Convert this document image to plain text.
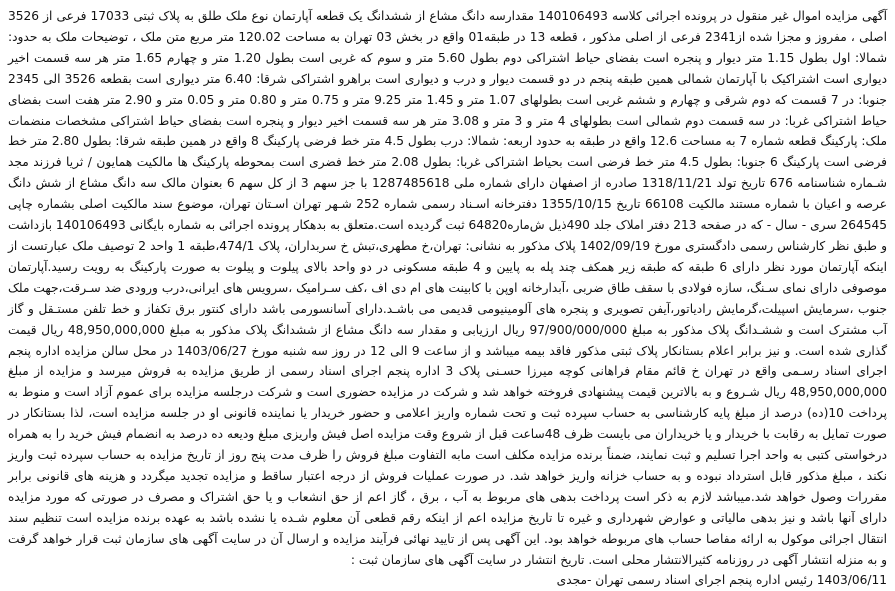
آگهی مزایده اموال غیر منقول در پرونده اجرائی کلاسه 140106493 مقدارسه دانگ مشاع از ششدانگ یک قطعه آپارتمان نوع ملک طلق به پلاک ثبتی 17033 فرعی از 3526 اصلی ، مفروز و مجزا شده از2341 فرعی از اصلی مذکور ، قطعه 13 در طبقه01 واقع در بخش 03 تهران به مساحت 120.02 متر مربع متن ملک ، توضیحات ملک به حدود: شمالا: اول بطول 1.15 متر دیوار و پنجره است بفضای حیاط اشتراکی دوم بطول 5.60 متر و سوم که غربی است بطول 1.20 متر و چهارم 1.65 متر هر سه قسمت اخیر دیواری است اشتراکیک با آپارتمان شمالی همین طبقه پنجم در دو قسمت دیوار و درب و دیواری است براهرو اشتراکی شرقا: 6.40 متر دیواری است بقطعه 3526 الی 2345 جنوبا: در 7 قسمت که دوم شرقی و چهارم و ششم غربی است بطولهای 1.07 متر و 1.45 متر 9.25 متر و 0.75 متر و 0.80 متر و 0.05 متر و 2.90 متر هفت است بفضای حیاط اشتراکی غربا: در سه قسمت دوم شمالی است بطولهای 4 متر و 3 متر و 3.08 متر هر سه قسمت اخیر دیوار و پنجره است بفضای حیاط اشتراکی مشخصات منضمات ملک: پارکینگ قطعه شماره 7 به مساحت 12.6 واقع در طبقه به حدود اربعه: شمالا: درب بطول 4.5 متر خط فرضی پارکینگ 8 واقع در همین طبقه شرقا: بطول 2.80 متر خط فرضی است پارکینگ 6 جنوبا: بطول 4.5 متر خط فرضی است بحیاط اشتراکی غربا: بطول 2.08 متر خط فضری است بمحوطه پارکینگ ها مالکیت همایون / ثریا فرزند مجد شـماره شناسنامه 676 تاریخ تولد 1318/11/21 صادره از اصفهان دارای شماره ملی 1287485618 با جز سهم 3 از کل سهم 6 بعنوان مالک سه دانگ مشاع از شش دانگ عرصه و اعیان با شماره مستند مالکیت 66108 تاریخ 1355/10/15 دفترخانه اسـناد رسمی شماره 252 شـهر تهران اسـتان تهران، موضوع سند مالکیت اصلی بشماره چاپی 264545 سری - سال - که در صفحه 213 دفتر املاک جلد 490ذیل ش‌ماره64820 ثبت گردیده است.متعلق به بدهکار پرونده اجرائی به شماره بایگانی 140106493 بازداشت و طبق نظر کارشناس رسمی دادگستری مورخ 1402/09/19 پلاک مذکور به نشانی: تهران،خ مطهری،تبش خ سربداران، پلاک 474/1،طبقه 1 واحد 2 توصیف ملک عبارتست از اینکه آپارتمان مورد نظر دارای 6 طبقه که طبقه زیر همکف چند پله به پایین و 4 طبقه مسکونی در دو واحد بالای پیلوت و پیلوت به صورت پارکینگ به رویت رسید.آپارتمان موصوفی دارای نمای سـنگ، سازه فولادی با سقف طاق ضربی ،آبدارخانه اوپن با کابینت های ام دی اف ،کف سـرامیک ،سرویس های ایرانی،درب ورودی ضد سـرقت،جهت ملک جنوب ،سرمایش اسپیلت،گرمایش رادیاتور،آیفن تصویری و پنجره های آلومینیومی قدیمی می باشـد.دارای آسانسورمی باشد دارای کنتور برق تکفاز و خط تلفن مستـقل و گاز آب مشترک است و ششـدانگ پلاک مذکور به مبلغ 97/900/000/000 ریال ارزیابی و مقدار سه دانگ مشاع از ششدانگ پلاک مذکور به مبلغ 48,950,000,000 ریال قیمت گذاری شده است. و نیز برابر اعلام بستانکار پلاک ثبتی مذکور فاقد بیمه میباشد و از ساعت 9 الی 12 در روز سه شنبه مورخ 1403/06/27 در محل سالن مزایده اداره پنجم اجرای اسناد رسـمی واقع در تهران خ قائم مقام فراهانی کوچه میرزا حسـنی پلاک 3 اداره پنجم اجرای اسناد رسمی از طریق مزایده به فروش میرسد و مزایده از مبلغ 48,950,000,000 ریال شـروع و به بالاترین قیمت پیشنهادی فروخته خواهد شد و شرکت در مزایده حضوری است و شرکت درجلسه مزایده برای عموم آزاد است و منوط به پرداخت 10(ده) درصد از مبلغ پایه کارشناسی به حساب سپرده ثبت و تحت شماره واریز اعلامی و حضور خریدار یا نماینده قانونی او در جلسه مزایده است، لذا بستانکار در صورت تمایل به رقابت با خریدار و یا خریداران می بایست ظرف 48ساعت قبل از شروع وقت مزایده اصل فیش واریزی مبلغ ودیعه ده درصد به انضمام فیش خرید را به همراه درخواستی کتبی به واحد اجرا تسلیم و ثبت نمایند، ضمناً برنده مزایده مکلف است مابه التفاوت مبلغ فروش را ظرف مدت پنج روز از تاریخ مزایده به حساب سپرده ثبت واریز نکند ، مبلغ مذکور قابل استرداد نبوده و به حساب خزانه واریز خواهد شد. در صورت عملیات فروش از درجه اعتبار ساقط و مزایده تجدید میگردد و هزینه های قانونی برابر مقررات وصول خواهد شد.میباشد لازم به ذکر است پرداخت بدهی های مربوط به آب ، برق ، گاز اعم از حق انشعاب و یا حق اشتراک و مصرف در صورتی که مورد مزایده دارای آنها باشد و نیز بدهی مالیاتی و عوارض شهرداری و غیره تا تاریخ مزایده اعم از اینکه رقم قطعی آن معلوم شـده یا نشده باشد به عهده برنده مزایده است تنظیم سند انتقال اجرائی موکول به ارائه مفاصا حساب های مربوطه خواهد بود. این آگهی پس از تایید نهائی فرآیند مزایده و ارسال آن در سایت آگهی های سازمان ثبت قرار خواهد گرفت و به منزله انتشار آگهی در روزنامه کثیرالانتشار محلی است. تاریخ انتشار در سایت آگهی های سازمان ثبت :

1403/06/11 رئیس اداره پنجم اجرای اسناد رسمی تهران -مجدی
